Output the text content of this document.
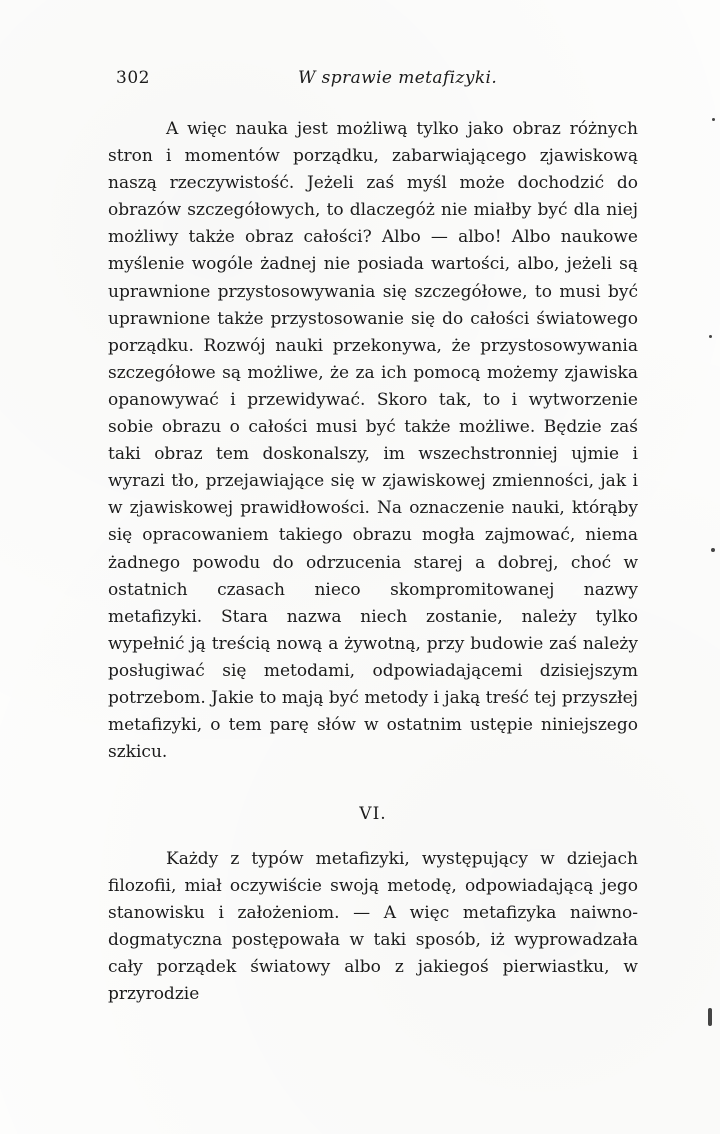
302	W sprawie metafizyki.

A więc nauka jest możliwą tylko jako obraz różnych stron i momentów porządku, zabarwiającego zjawiskową naszą rzeczywistość. Jeżeli zaś myśl może dochodzić do obrazów szczegółowych, to dlaczegóż nie miałby być dla niej możliwy także obraz całości? Albo — albo! Albo naukowe myślenie wogóle żadnej nie posiada wartości, albo, jeżeli są uprawnione przystosowywania się szczegółowe, to musi być uprawnione także przystosowanie się do całości światowego porządku. Rozwój nauki przekonywa, że przystosowywania szczegółowe są możliwe, że za ich pomocą możemy zjawiska opanowywać i przewidywać. Skoro tak, to i wytworzenie sobie obrazu o całości musi być także możliwe. Będzie zaś taki obraz tem doskonalszy, im wszechstronniej ujmie i wyrazi tło, przejawiające się w zjawiskowej zmienności, jak i w zjawiskowej prawidłowości. Na oznaczenie nauki, którąby się opracowaniem takiego obrazu mogła zajmować, niema żadnego powodu do odrzucenia starej a dobrej, choć w ostatnich czasach nieco skompromitowanej nazwy metafizyki. Stara nazwa niech zostanie, należy tylko wypełnić ją treścią nową a żywotną, przy budowie zaś należy posługiwać się metodami, odpowiadającemi dzisiejszym potrzebom. Jakie to mają być metody i jaką treść tej przyszłej metafizyki, o tem parę słów w ostatnim ustępie niniejszego szkicu.

VI.

Każdy z typów metafizyki, występujący w dziejach filozofii, miał oczywiście swoją metodę, odpowiadającą jego stanowisku i założeniom. — A więc metafizyka naiwno-dogmatyczna postępowała w taki sposób, iż wyprowadzała cały porządek światowy albo z jakiegoś pierwiastku, w przyrodzie
